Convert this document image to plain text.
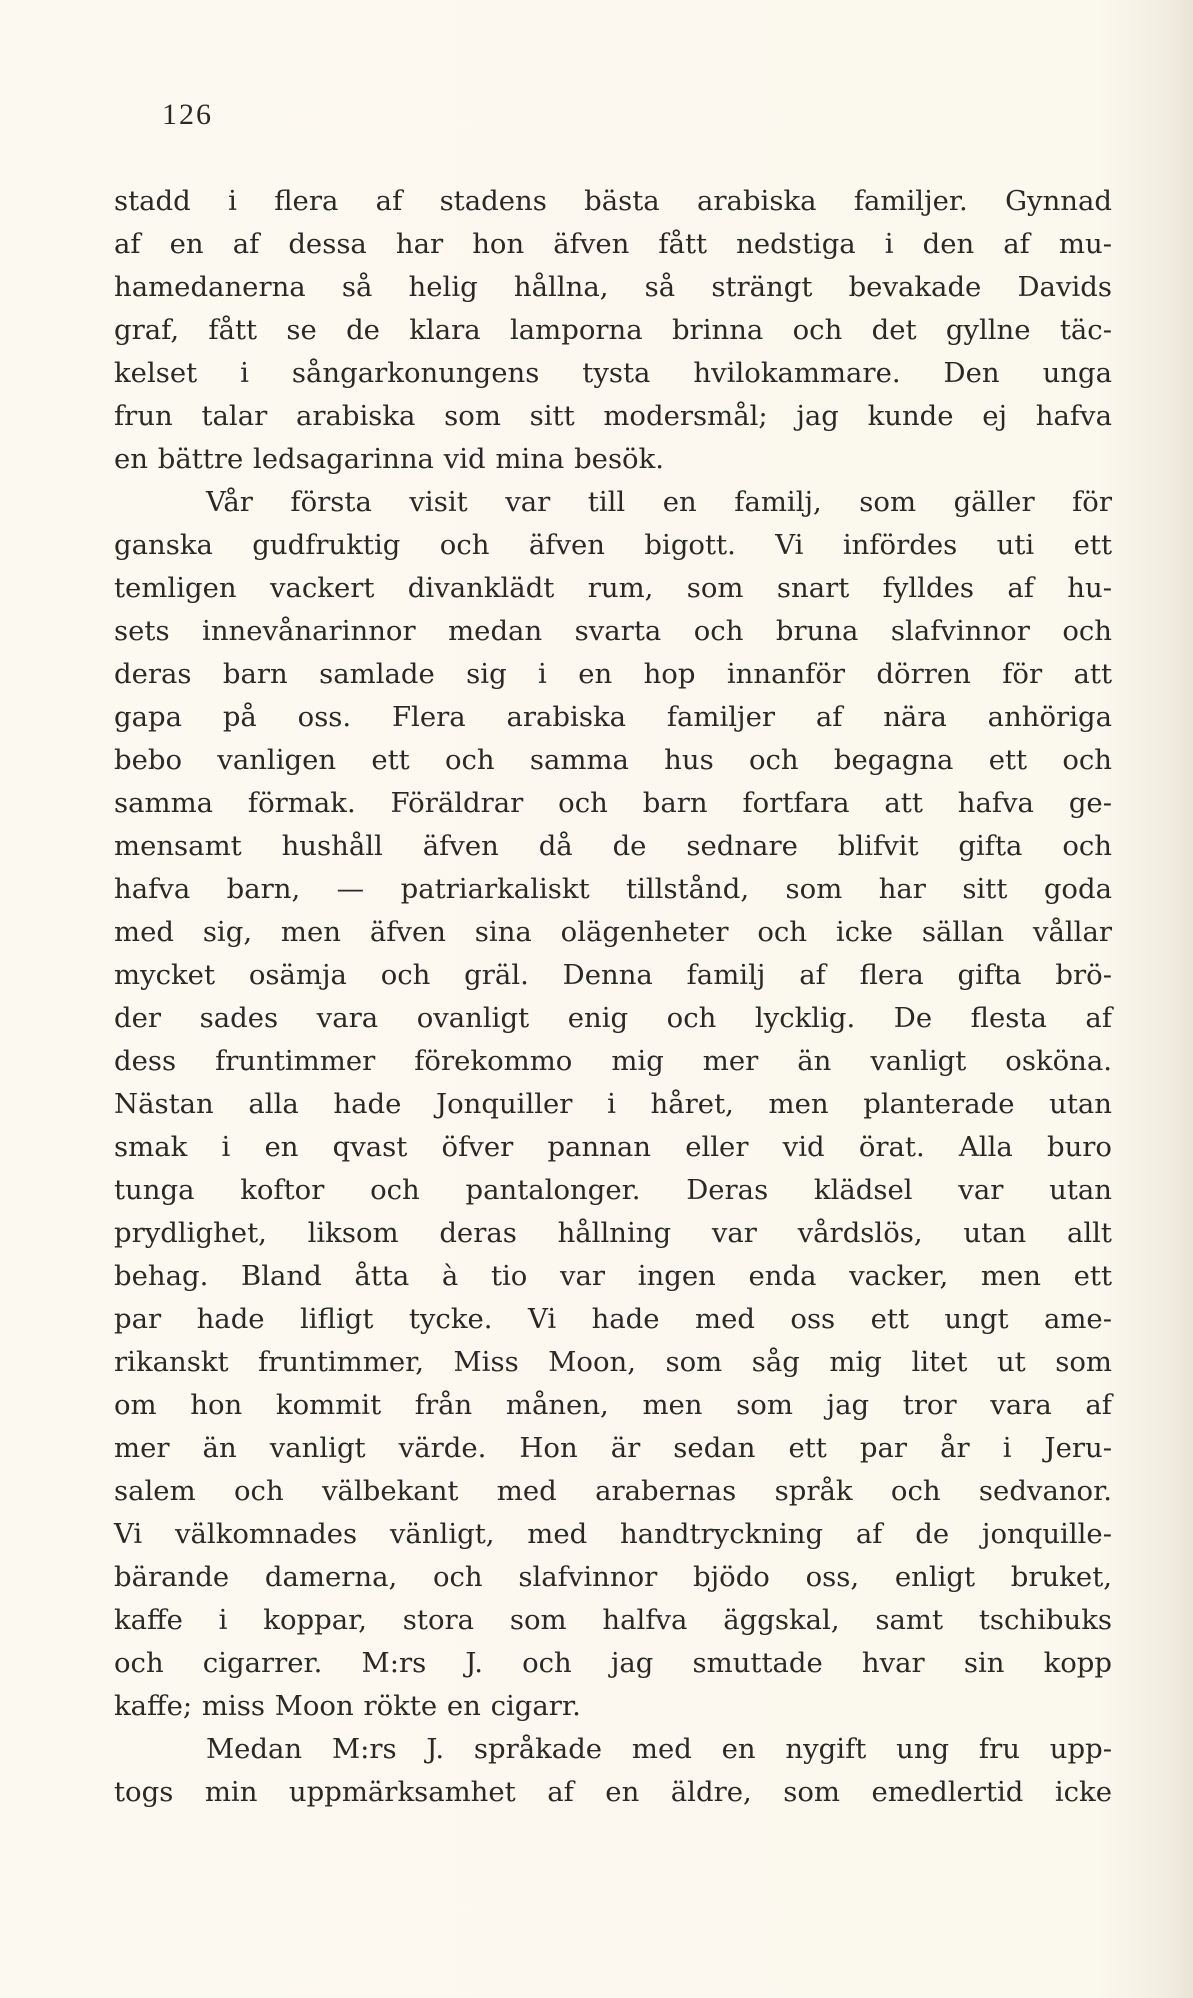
126
stadd i flera af stadens bästa arabiska familjer. Gynnad
af en af dessa har hon äfven fått nedstiga i den af mu-
hamedanerna så helig hållna, så strängt bevakade Davids
graf, fått se de klara lamporna brinna och det gyllne täc-
kelset i sångarkonungens tysta hvilokammare. Den unga
frun talar arabiska som sitt modersmål; jag kunde ej hafva
en bättre ledsagarinna vid mina besök.
Vår första visit var till en familj, som gäller för
ganska gudfruktig och äfven bigott. Vi infördes uti ett
temligen vackert divanklädt rum, som snart fylldes af hu-
sets innevånarinnor medan svarta och bruna slafvinnor och
deras barn samlade sig i en hop innanför dörren för att
gapa på oss. Flera arabiska familjer af nära anhöriga
bebo vanligen ett och samma hus och begagna ett och
samma förmak. Föräldrar och barn fortfara att hafva ge-
mensamt hushåll äfven då de sednare blifvit gifta och
hafva barn, — patriarkaliskt tillstånd, som har sitt goda
med sig, men äfven sina olägenheter och icke sällan vållar
mycket osämja och gräl. Denna familj af flera gifta brö-
der sades vara ovanligt enig och lycklig. De flesta af
dess fruntimmer förekommo mig mer än vanligt osköna.
Nästan alla hade Jonquiller i håret, men planterade utan
smak i en qvast öfver pannan eller vid örat. Alla buro
tunga koftor och pantalonger. Deras klädsel var utan
prydlighet, liksom deras hållning var vårdslös, utan allt
behag. Bland åtta à tio var ingen enda vacker, men ett
par hade lifligt tycke. Vi hade med oss ett ungt ame-
rikanskt fruntimmer, Miss Moon, som såg mig litet ut som
om hon kommit från månen, men som jag tror vara af
mer än vanligt värde. Hon är sedan ett par år i Jeru-
salem och välbekant med arabernas språk och sedvanor.
Vi välkomnades vänligt, med handtryckning af de jonquille-
bärande damerna, och slafvinnor bjödo oss, enligt bruket,
kaffe i koppar, stora som halfva äggskal, samt tschibuks
och cigarrer. M:rs J. och jag smuttade hvar sin kopp
kaffe; miss Moon rökte en cigarr.
Medan M:rs J. språkade med en nygift ung fru upp-
togs min uppmärksamhet af en äldre, som emedlertid icke
